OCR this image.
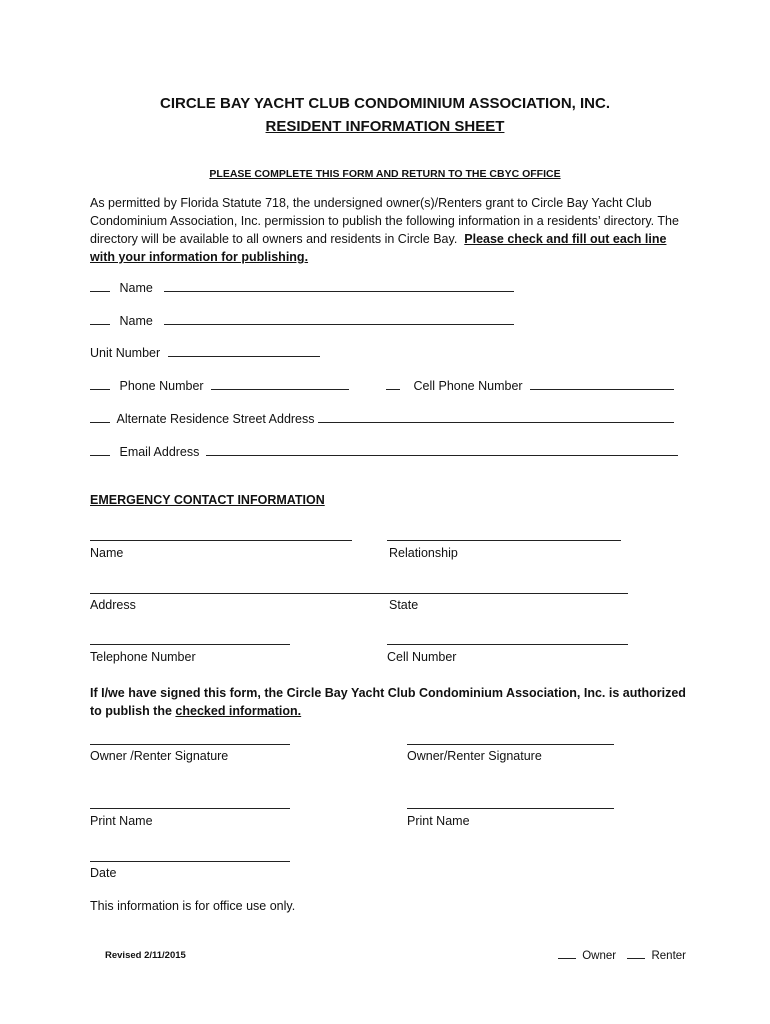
CIRCLE BAY YACHT CLUB CONDOMINIUM ASSOCIATION, INC.
RESIDENT INFORMATION SHEET
PLEASE COMPLETE THIS FORM AND RETURN TO THE CBYC OFFICE
As permitted by Florida Statute 718, the undersigned owner(s)/Renters grant to Circle Bay Yacht Club Condominium Association, Inc. permission to publish the following information in a residents’ directory. The directory will be available to all owners and residents in Circle Bay. Please check and fill out each line with your information for publishing.
Name
Name
Unit Number
Phone Number	Cell Phone Number
Alternate Residence Street Address
Email Address
EMERGENCY CONTACT INFORMATION
Name	Relationship
Address	State
Telephone Number	Cell Number
If I/we have signed this form, the Circle Bay Yacht Club Condominium Association, Inc. is authorized to publish the checked information.
Owner /Renter Signature	Owner/Renter Signature
Print Name	Print Name
Date
This information is for office use only.
Revised 2/11/2015	Owner	Renter
